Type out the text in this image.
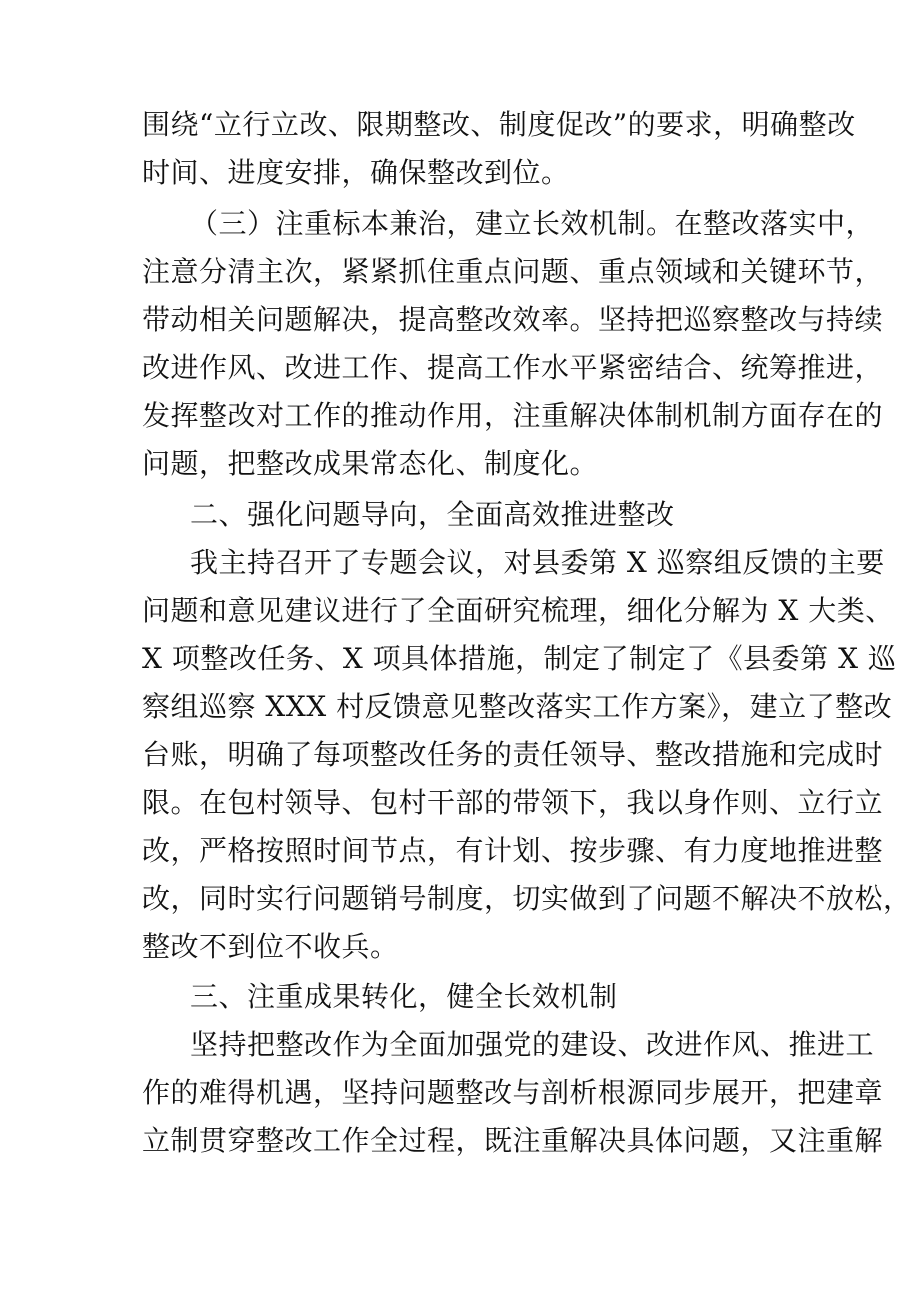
围绕“立行立改、限期整改、制度促改”的要求，明确整改
时间、进度安排，确保整改到位。
（三）注重标本兼治，建立长效机制。在整改落实中，
注意分清主次，紧紧抓住重点问题、重点领域和关键环节，
带动相关问题解决，提高整改效率。坚持把巡察整改与持续
改进作风、改进工作、提高工作水平紧密结合、统筹推进，
发挥整改对工作的推动作用，注重解决体制机制方面存在的
问题，把整改成果常态化、制度化。
二、强化问题导向，全面高效推进整改
我主持召开了专题会议，对县委第 X 巡察组反馈的主要
问题和意见建议进行了全面研究梳理，细化分解为 X 大类、
X 项整改任务、X 项具体措施，制定了制定了《县委第 X 巡
察组巡察 XXX 村反馈意见整改落实工作方案》，建立了整改
台账，明确了每项整改任务的责任领导、整改措施和完成时
限。在包村领导、包村干部的带领下，我以身作则、立行立
改，严格按照时间节点，有计划、按步骤、有力度地推进整
改，同时实行问题销号制度，切实做到了问题不解决不放松，
整改不到位不收兵。
三、注重成果转化，健全长效机制
坚持把整改作为全面加强党的建设、改进作风、推进工
作的难得机遇，坚持问题整改与剖析根源同步展开，把建章
立制贯穿整改工作全过程，既注重解决具体问题，又注重解
